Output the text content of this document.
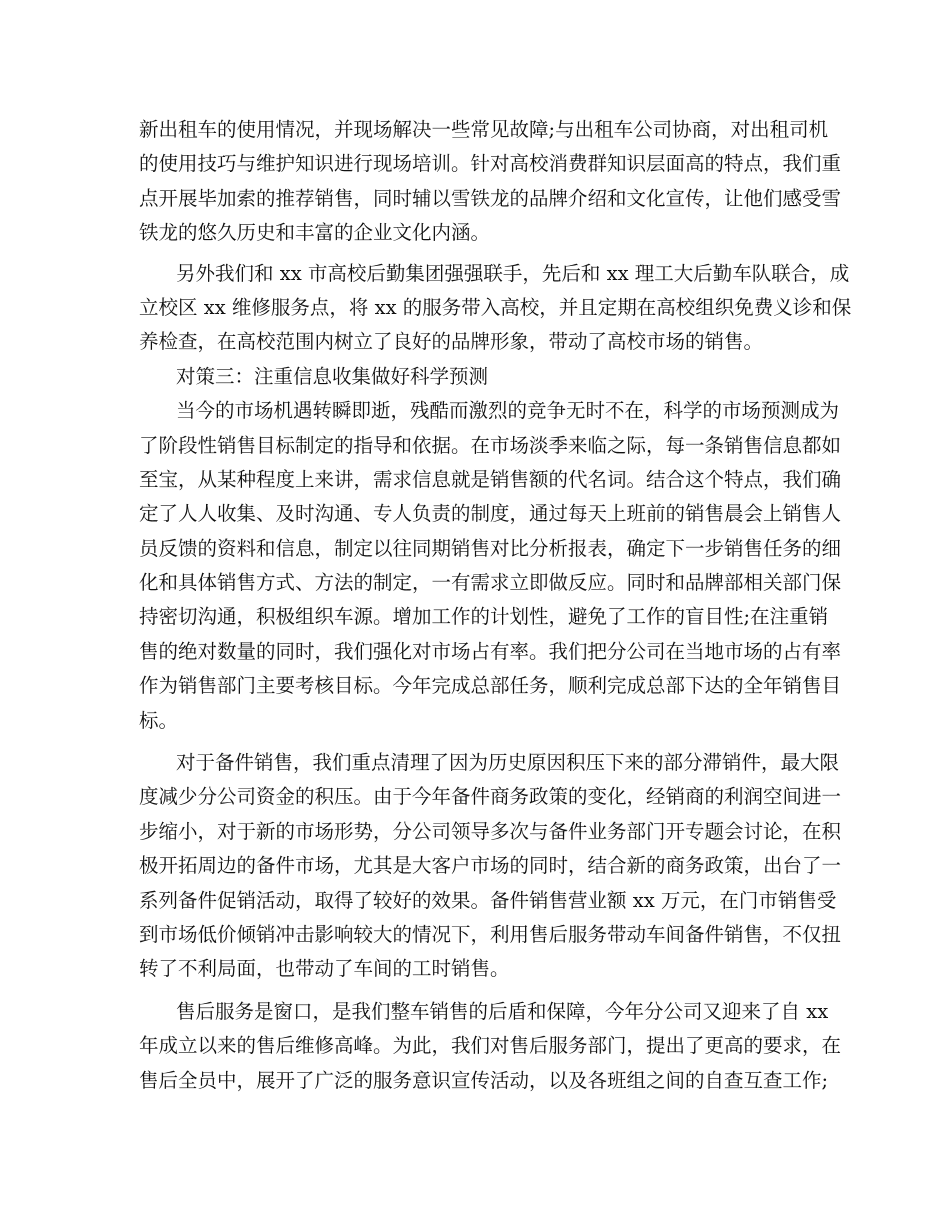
新出租车的使用情况，并现场解决一些常见故障;与出租车公司协商，对出租司机
的使用技巧与维护知识进行现场培训。针对高校消费群知识层面高的特点，我们重
点开展毕加索的推荐销售，同时辅以雪铁龙的品牌介绍和文化宣传，让他们感受雪
铁龙的悠久历史和丰富的企业文化内涵。
另外我们和 xx 市高校后勤集团强强联手，先后和 xx 理工大后勤车队联合，成
立校区 xx 维修服务点，将 xx 的服务带入高校，并且定期在高校组织免费义诊和保
养检查，在高校范围内树立了良好的品牌形象，带动了高校市场的销售。
对策三：注重信息收集做好科学预测
当今的市场机遇转瞬即逝，残酷而激烈的竞争无时不在，科学的市场预测成为
了阶段性销售目标制定的指导和依据。在市场淡季来临之际，每一条销售信息都如
至宝，从某种程度上来讲，需求信息就是销售额的代名词。结合这个特点，我们确
定了人人收集、及时沟通、专人负责的制度，通过每天上班前的销售晨会上销售人
员反馈的资料和信息，制定以往同期销售对比分析报表，确定下一步销售任务的细
化和具体销售方式、方法的制定，一有需求立即做反应。同时和品牌部相关部门保
持密切沟通，积极组织车源。增加工作的计划性，避免了工作的盲目性;在注重销
售的绝对数量的同时，我们强化对市场占有率。我们把分公司在当地市场的占有率
作为销售部门主要考核目标。今年完成总部任务，顺利完成总部下达的全年销售目
标。
对于备件销售，我们重点清理了因为历史原因积压下来的部分滞销件，最大限
度减少分公司资金的积压。由于今年备件商务政策的变化，经销商的利润空间进一
步缩小，对于新的市场形势，分公司领导多次与备件业务部门开专题会讨论，在积
极开拓周边的备件市场，尤其是大客户市场的同时，结合新的商务政策，出台了一
系列备件促销活动，取得了较好的效果。备件销售营业额 xx 万元，在门市销售受
到市场低价倾销冲击影响较大的情况下，利用售后服务带动车间备件销售，不仅扭
转了不利局面，也带动了车间的工时销售。
售后服务是窗口，是我们整车销售的后盾和保障，今年分公司又迎来了自 xx
年成立以来的售后维修高峰。为此，我们对售后服务部门，提出了更高的要求，在
售后全员中，展开了广泛的服务意识宣传活动，以及各班组之间的自查互查工作;
